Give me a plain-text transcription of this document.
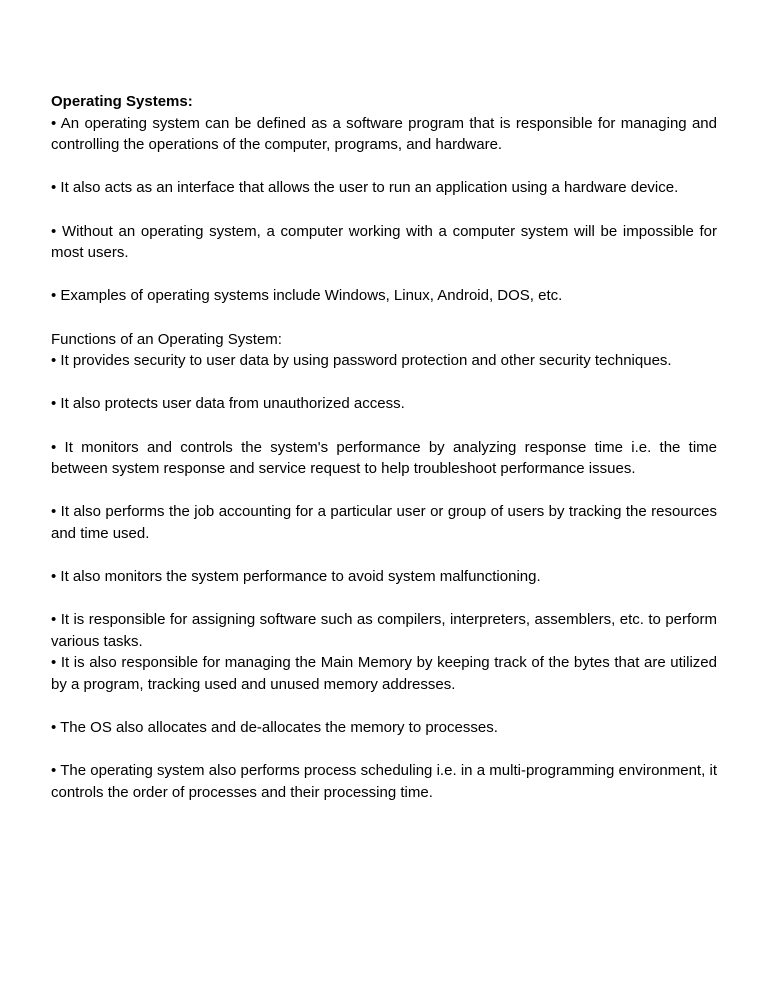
Operating Systems:

• An operating system can be defined as a software program that is responsible for managing and controlling the operations of the computer, programs, and hardware.

• It also acts as an interface that allows the user to run an application using a hardware device.

• Without an operating system, a computer working with a computer system will be impossible for most users.

• Examples of operating systems include Windows, Linux, Android, DOS, etc.

Functions of an Operating System:

• It provides security to user data by using password protection and other security techniques.

• It also protects user data from unauthorized access.

• It monitors and controls the system's performance by analyzing response time i.e. the time between system response and service request to help troubleshoot performance issues.

• It also performs the job accounting for a particular user or group of users by tracking the resources and time used.

• It also monitors the system performance to avoid system malfunctioning.

• It is responsible for assigning software such as compilers, interpreters, assemblers, etc. to perform various tasks.

• It is also responsible for managing the Main Memory by keeping track of the bytes that are utilized by a program, tracking used and unused memory addresses.

• The OS also allocates and de-allocates the memory to processes.

• The operating system also performs process scheduling i.e. in a multi-programming environment, it controls the order of processes and their processing time.
